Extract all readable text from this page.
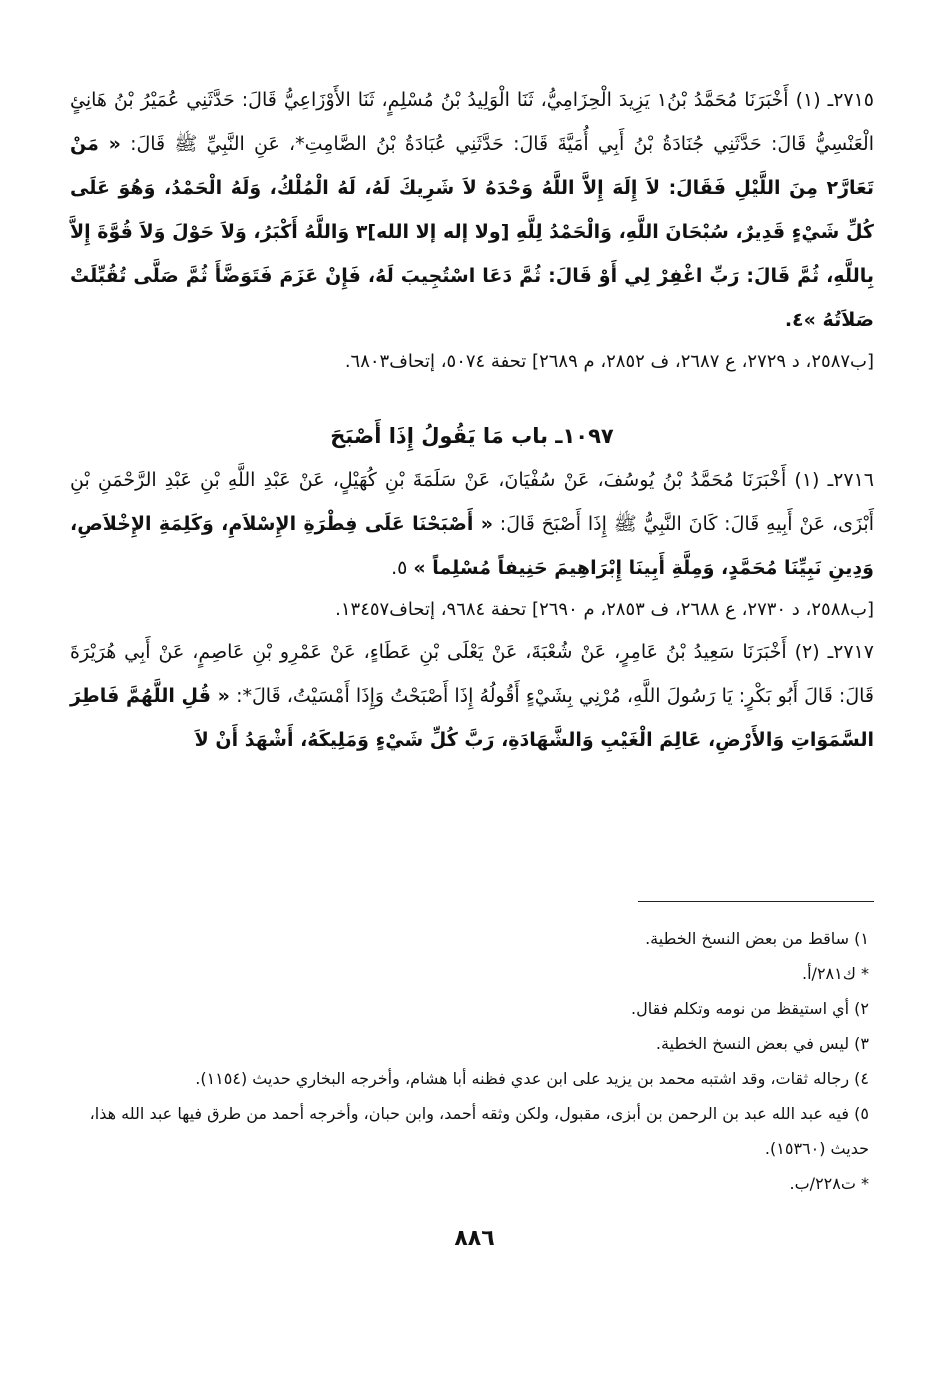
٢٧١٥ـ (١) أَخْبَرَنَا مُحَمَّدُ بْنُ١ يَزِيدَ الْحِزَامِيُّ، ثَنَا الْوَلِيدُ بْنُ مُسْلِمٍ، ثَنَا الأَوْزَاعِيُّ قَالَ: حَدَّثَنِي عُمَيْرُ بْنُ هَانِئٍ الْعَنْسِيُّ قَالَ: حَدَّثَنِي جُنَادَةُ بْنُ أَبِي أُمَيَّةَ قَالَ: حَدَّثَنِي عُبَادَةُ بْنُ الصَّامِتِ*، عَنِ النَّبِيِّ ﷺ قَالَ: « مَنْ تَعَارَّ٢ مِنَ اللَّيْلِ فَقَالَ: لاَ إِلَهَ إِلاَّ اللَّهُ وَحْدَهُ لاَ شَرِيكَ لَهُ، لَهُ الْمُلْكُ، وَلَهُ الْحَمْدُ، وَهُوَ عَلَى كُلِّ شَيْءٍ قَدِيرٌ، سُبْحَانَ اللَّهِ، وَالْحَمْدُ لِلَّهِ [ولا إله إلا الله]٣ وَاللَّهُ أَكْبَرُ، وَلاَ حَوْلَ وَلاَ قُوَّةَ إِلاَّ بِاللَّهِ، ثُمَّ قَالَ: رَبِّ اغْفِرْ لِي أَوْ قَالَ: ثُمَّ دَعَا اسْتُجِيبَ لَهُ، فَإِنْ عَزَمَ فَتَوَضَّأَ ثُمَّ صَلَّى تُقُبِّلَتْ صَلاَتُهُ »٤.

[ب٢٥٨٧، د ٢٧٢٩، ع ٢٦٨٧، ف ٢٨٥٢، م ٢٦٨٩] تحفة ٥٠٧٤، إتحاف٦٨٠٣.

١٠٩٧ـ باب مَا يَقُولُ إِذَا أَصْبَحَ

٢٧١٦ـ (١) أَخْبَرَنَا مُحَمَّدُ بْنُ يُوسُفَ، عَنْ سُفْيَانَ، عَنْ سَلَمَةَ بْنِ كُهَيْلٍ، عَنْ عَبْدِ اللَّهِ بْنِ عَبْدِ الرَّحْمَنِ بْنِ أَبْزَى، عَنْ أَبِيهِ قَالَ: كَانَ النَّبِيُّ ﷺ إِذَا أَصْبَحَ قَالَ: « أَصْبَحْنَا عَلَى فِطْرَةِ الإِسْلاَمِ، وَكَلِمَةِ الإِخْلاَصِ، وَدِينِ نَبِيِّنَا مُحَمَّدٍ، وَمِلَّةِ أَبِينَا إِبْرَاهِيمَ حَنِيفاً مُسْلِماً » ٥.

[ب٢٥٨٨، د ٢٧٣٠، ع ٢٦٨٨، ف ٢٨٥٣، م ٢٦٩٠] تحفة ٩٦٨٤، إتحاف١٣٤٥٧.

٢٧١٧ـ (٢) أَخْبَرَنَا سَعِيدُ بْنُ عَامِرٍ، عَنْ شُعْبَةَ، عَنْ يَعْلَى بْنِ عَطَاءٍ، عَنْ عَمْرِو بْنِ عَاصِمٍ، عَنْ أَبِي هُرَيْرَةَ قَالَ: قَالَ أَبُو بَكْرٍ: يَا رَسُولَ اللَّهِ، مُرْنِي بِشَيْءٍ أَقُولُهُ إِذَا أَصْبَحْتُ وَإِذَا أَمْسَيْتُ، قَالَ*: « قُلِ اللَّهُمَّ فَاطِرَ السَّمَوَاتِ وَالأَرْضِ، عَالِمَ الْغَيْبِ وَالشَّهَادَةِ، رَبَّ كُلِّ شَيْءٍ وَمَلِيكَهُ، أَشْهَدُ أَنْ لاَ

١) ساقط من بعض النسخ الخطية.

* ك٢٨١/أ.

٢) أي استيقظ من نومه وتكلم فقال.

٣) ليس في بعض النسخ الخطية.

٤) رجاله ثقات، وقد اشتبه محمد بن يزيد على ابن عدي فظنه أبا هشام، وأخرجه البخاري حديث (١١٥٤).

٥) فيه عبد الله عبد بن الرحمن بن أبزى، مقبول، ولكن وثقه أحمد، وابن حبان، وأخرجه أحمد من طرق فيها عبد الله هذا، حديث (١٥٣٦٠).

* ت٢٢٨/ب.

٨٨٦
